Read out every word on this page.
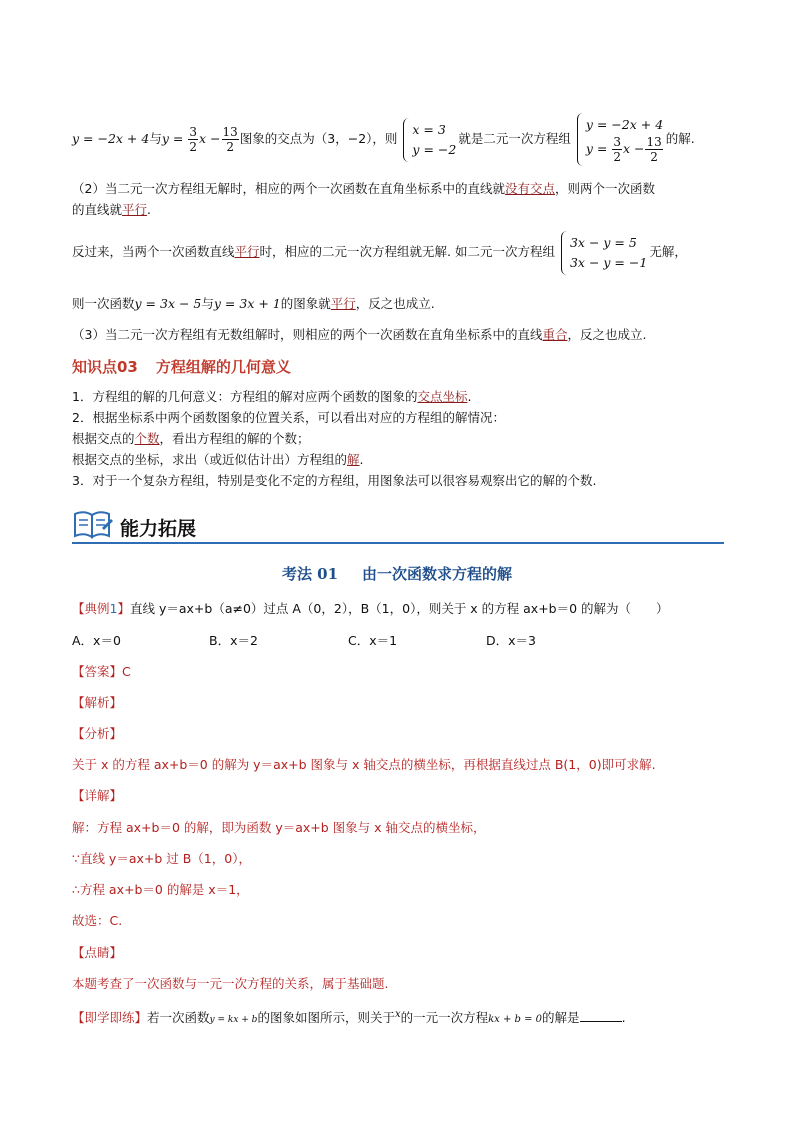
y = −2x + 4与$y = \frac{3}{2}$ $x - \frac{13}{2}$ 图象的交点为（3，−2），则
x = 3
y = −2
就是二元一次方程组
y = −2x + 4
$y = \frac{3}{2}$ $x - \frac{13}{2}$ 的解.
（2）当二元一次方程组无解时，相应的两个一次函数在直角坐标系中的直线就没有交点，则两个一次函数
的直线就平行.
反过来，当两个一次函数直线平行时，相应的二元一次方程组就无解. 如二元一次方程组
3x − y = 5
3x − y = −1
无解，
则一次函数y = 3x − 5与y = 3x + 1的图象就平行，反之也成立.
（3）当二元一次方程组有无数组解时，则相应的两个一次函数在直角坐标系中的直线重合，反之也成立.
知识点03 方程组解的几何意义
1．方程组的解的几何意义：方程组的解对应两个函数的图象的交点坐标.
2．根据坐标系中两个函数图象的位置关系，可以看出对应的方程组的解情况：
根据交点的个数，看出方程组的解的个数；
根据交点的坐标，求出（或近似估计出）方程组的解.
3．对于一个复杂方程组，特别是变化不定的方程组，用图象法可以很容易观察出它的解的个数.
能力拓展
考法 01 由一次函数求方程的解
【典例1】直线 y＝ax+b（a≠0）过点 A（0，2），B（1，0），则关于 x 的方程 ax+b＝0 的解为（　　）
A．x＝0	B．x＝2	C．x＝1	D．x＝3
【答案】C
【解析】
【分析】
关于 x 的方程 ax+b＝0 的解为 y＝ax+b 图象与 x 轴交点的横坐标，再根据直线过点 B(1，0)即可求解.
【详解】
解：方程 ax+b＝0 的解，即为函数 y＝ax+b 图象与 x 轴交点的横坐标，
∵直线 y＝ax+b 过 B（1，0），
∴方程 ax+b＝0 的解是 x＝1，
故选：C.
【点睛】
本题考查了一次函数与一元一次方程的关系，属于基础题.
【即学即练】若一次函数y = kx + b的图象如图所示，则关于$^x$的一元一次方程kx + b = 0的解是	.
